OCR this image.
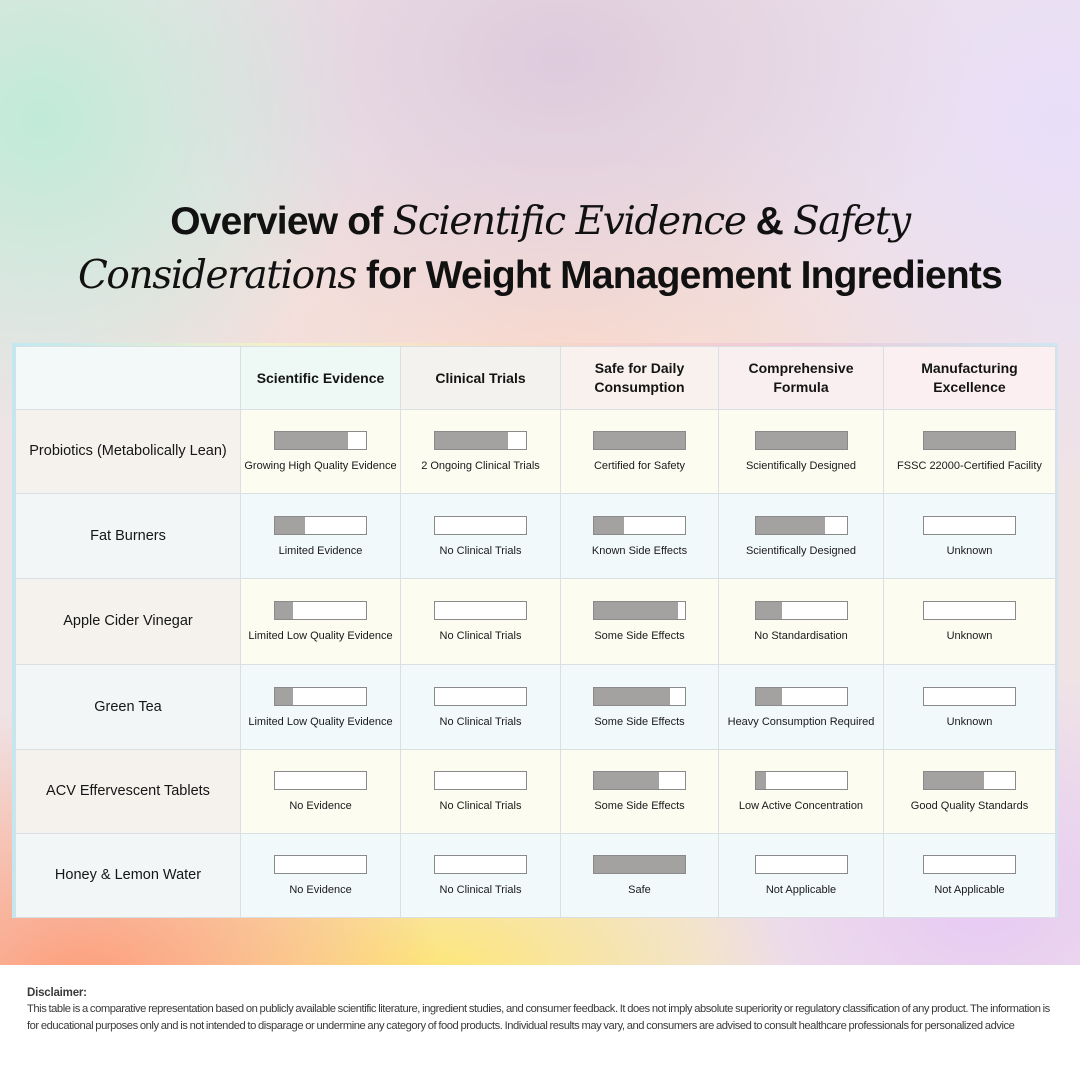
Overview of Scientific Evidence & Safety
Considerations for Weight Management Ingredients
	Scientific Evidence	Clinical Trials	Safe for Daily Consumption	Comprehensive Formula	Manufacturing Excellence
Probiotics (Metabolically Lean)	Growing High Quality Evidence	2 Ongoing Clinical Trials	Certified for Safety	Scientifically Designed	FSSC 22000-Certified Facility

Fat Burners	Limited Evidence	No Clinical Trials	Known Side Effects	Scientifically Designed	Unknown

Apple Cider Vinegar	Limited Low Quality Evidence	No Clinical Trials	Some Side Effects	No Standardisation	Unknown

Green Tea	Limited Low Quality Evidence	No Clinical Trials	Some Side Effects	Heavy Consumption Required	Unknown

ACV Effervescent Tablets	No Evidence	No Clinical Trials	Some Side Effects	Low Active Concentration	Good Quality Standards

Honey & Lemon Water	No Evidence	No Clinical Trials	Safe	Not Applicable	Not Applicable
Disclaimer:
This table is a comparative representation based on publicly available scientific literature, ingredient studies, and consumer feedback. It does not imply absolute superiority or regulatory classification of any product. The information is for educational purposes only and is not intended to disparage or undermine any category of food products. Individual results may vary, and consumers are advised to consult healthcare professionals for personalized advice
